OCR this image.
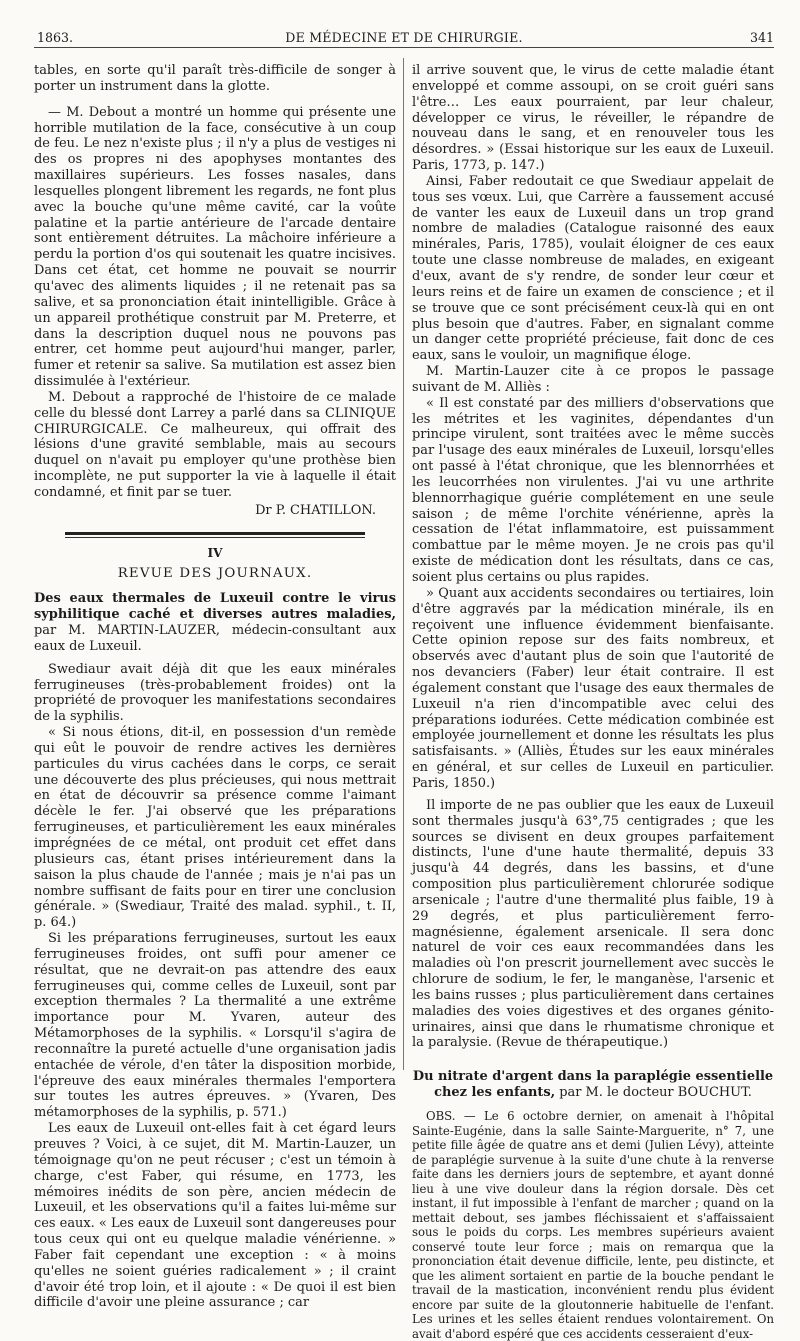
1863.	DE MÉDECINE ET DE CHIRURGIE.	341

tables, en sorte qu'il paraît très-difficile de songer à porter un instrument dans la glotte.

— M. Debout a montré un homme qui présente une horrible mutilation de la face, consécutive à un coup de feu. Le nez n'existe plus ; il n'y a plus de vestiges ni des os propres ni des apophyses montantes des maxillaires supérieurs. Les fosses nasales, dans lesquelles plongent librement les regards, ne font plus avec la bouche qu'une même cavité, car la voûte palatine et la partie antérieure de l'arcade dentaire sont entièrement détruites. La mâchoire inférieure a perdu la portion d'os qui soutenait les quatre incisives. Dans cet état, cet homme ne pouvait se nourrir qu'avec des aliments liquides ; il ne retenait pas sa salive, et sa prononciation était inintelligible. Grâce à un appareil prothétique construit par M. Preterre, et dans la description duquel nous ne pouvons pas entrer, cet homme peut aujourd'hui manger, parler, fumer et retenir sa salive. Sa mutilation est assez bien dissimulée à l'extérieur.

M. Debout a rapproché de l'histoire de ce malade celle du blessé dont Larrey a parlé dans sa CLINIQUE CHIRURGICALE. Ce malheureux, qui offrait des lésions d'une gravité semblable, mais au secours duquel on n'avait pu employer qu'une prothèse bien incomplète, ne put supporter la vie à laquelle il était condamné, et finit par se tuer.

Dr P. CHATILLON.

IV
REVUE DES JOURNAUX.

Des eaux thermales de Luxeuil contre le virus syphilitique caché et diverses autres maladies, par M. MARTIN-LAUZER, médecin-consultant aux eaux de Luxeuil.

Swediaur avait déjà dit que les eaux minérales ferrugineuses (très-probablement froides) ont la propriété de provoquer les manifestations secondaires de la syphilis.

« Si nous étions, dit-il, en possession d'un remède qui eût le pouvoir de rendre actives les dernières particules du virus cachées dans le corps, ce serait une découverte des plus précieuses, qui nous mettrait en état de découvrir sa présence comme l'aimant décèle le fer. J'ai observé que les préparations ferrugineuses, et particulièrement les eaux minérales imprégnées de ce métal, ont produit cet effet dans plusieurs cas, étant prises intérieurement dans la saison la plus chaude de l'année ; mais je n'ai pas un nombre suffisant de faits pour en tirer une conclusion générale. » (Swediaur, Traité des malad. syphil., t. II, p. 64.)

Si les préparations ferrugineuses, surtout les eaux ferrugineuses froides, ont suffi pour amener ce résultat, que ne devrait-on pas attendre des eaux ferrugineuses qui, comme celles de Luxeuil, sont par exception thermales ? La thermalité a une extrême importance pour M. Yvaren, auteur des Métamorphoses de la syphilis. « Lorsqu'il s'agira de reconnaître la pureté actuelle d'une organisation jadis entachée de vérole, d'en tâter la disposition morbide, l'épreuve des eaux minérales thermales l'emportera sur toutes les autres épreuves. » (Yvaren, Des métamorphoses de la syphilis, p. 571.)

Les eaux de Luxeuil ont-elles fait à cet égard leurs preuves ? Voici, à ce sujet, dit M. Martin-Lauzer, un témoignage qu'on ne peut récuser ; c'est un témoin à charge, c'est Faber, qui résume, en 1773, les mémoires inédits de son père, ancien médecin de Luxeuil, et les observations qu'il a faites lui-même sur ces eaux. « Les eaux de Luxeuil sont dangereuses pour tous ceux qui ont eu quelque maladie vénérienne. » Faber fait cependant une exception : « à moins qu'elles ne soient guéries radicalement » ; il craint d'avoir été trop loin, et il ajoute : « De quoi il est bien difficile d'avoir une pleine assurance ; car

il arrive souvent que, le virus de cette maladie étant enveloppé et comme assoupi, on se croit guéri sans l'être… Les eaux pourraient, par leur chaleur, développer ce virus, le réveiller, le répandre de nouveau dans le sang, et en renouveler tous les désordres. » (Essai historique sur les eaux de Luxeuil. Paris, 1773, p. 147.)

Ainsi, Faber redoutait ce que Swediaur appelait de tous ses vœux. Lui, que Carrère a faussement accusé de vanter les eaux de Luxeuil dans un trop grand nombre de maladies (Catalogue raisonné des eaux minérales, Paris, 1785), voulait éloigner de ces eaux toute une classe nombreuse de malades, en exigeant d'eux, avant de s'y rendre, de sonder leur cœur et leurs reins et de faire un examen de conscience ; et il se trouve que ce sont précisément ceux-là qui en ont plus besoin que d'autres. Faber, en signalant comme un danger cette propriété précieuse, fait donc de ces eaux, sans le vouloir, un magnifique éloge.

M. Martin-Lauzer cite à ce propos le passage suivant de M. Alliès :

« Il est constaté par des milliers d'observations que les métrites et les vaginites, dépendantes d'un principe virulent, sont traitées avec le même succès par l'usage des eaux minérales de Luxeuil, lorsqu'elles ont passé à l'état chronique, que les blennorrhées et les leucorrhées non virulentes. J'ai vu une arthrite blennorrhagique guérie complétement en une seule saison ; de même l'orchite vénérienne, après la cessation de l'état inflammatoire, est puissamment combattue par le même moyen. Je ne crois pas qu'il existe de médication dont les résultats, dans ce cas, soient plus certains ou plus rapides.

» Quant aux accidents secondaires ou tertiaires, loin d'être aggravés par la médication minérale, ils en reçoivent une influence évidemment bienfaisante. Cette opinion repose sur des faits nombreux, et observés avec d'autant plus de soin que l'autorité de nos devanciers (Faber) leur était contraire. Il est également constant que l'usage des eaux thermales de Luxeuil n'a rien d'incompatible avec celui des préparations iodurées. Cette médication combinée est employée journellement et donne les résultats les plus satisfaisants. » (Alliès, Études sur les eaux minérales en général, et sur celles de Luxeuil en particulier. Paris, 1850.)

Il importe de ne pas oublier que les eaux de Luxeuil sont thermales jusqu'à 63°,75 centigrades ; que les sources se divisent en deux groupes parfaitement distincts, l'une d'une haute thermalité, depuis 33 jusqu'à 44 degrés, dans les bassins, et d'une composition plus particulièrement chlorurée sodique arsenicale ; l'autre d'une thermalité plus faible, 19 à 29 degrés, et plus particulièrement ferro-magnésienne, également arsenicale. Il sera donc naturel de voir ces eaux recommandées dans les maladies où l'on prescrit journellement avec succès le chlorure de sodium, le fer, le manganèse, l'arsenic et les bains russes ; plus particulièrement dans certaines maladies des voies digestives et des organes génito-urinaires, ainsi que dans le rhumatisme chronique et la paralysie. (Revue de thérapeutique.)

Du nitrate d'argent dans la paraplégie essentielle chez les enfants, par M. le docteur BOUCHUT.

OBS. — Le 6 octobre dernier, on amenait à l'hôpital Sainte-Eugénie, dans la salle Sainte-Marguerite, n° 7, une petite fille âgée de quatre ans et demi (Julien Lévy), atteinte de paraplégie survenue à la suite d'une chute à la renverse faite dans les derniers jours de septembre, et ayant donné lieu à une vive douleur dans la région dorsale. Dès cet instant, il fut impossible à l'enfant de marcher ; quand on la mettait debout, ses jambes fléchissaient et s'affaissaient sous le poids du corps. Les membres supérieurs avaient conservé toute leur force ; mais on remarqua que la prononciation était devenue difficile, lente, peu distincte, et que les aliment sortaient en partie de la bouche pendant le travail de la mastication, inconvénient rendu plus évident encore par suite de la gloutonnerie habituelle de l'enfant. Les urines et les selles étaient rendues volontairement. On avait d'abord espéré que ces accidents cesseraient d'eux-
